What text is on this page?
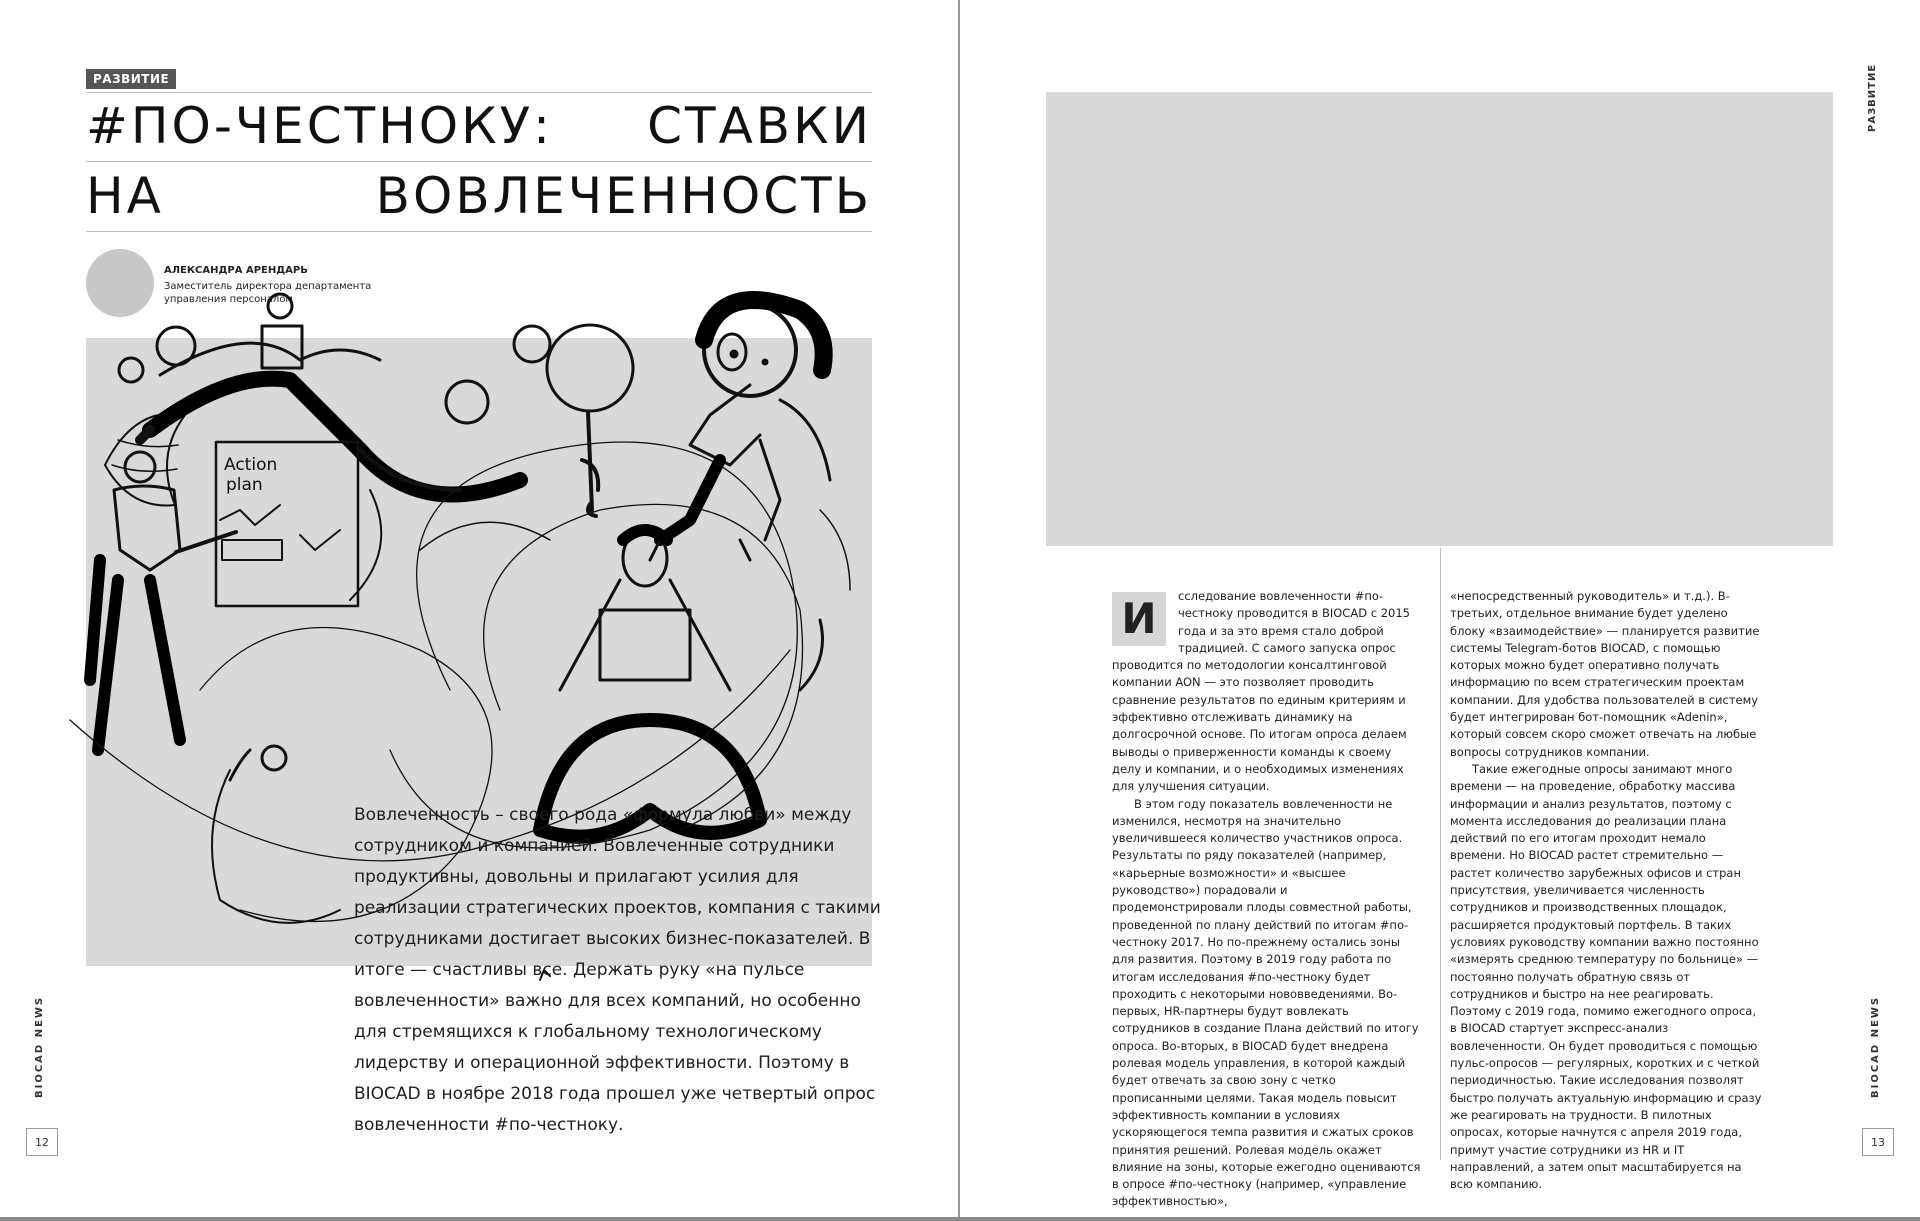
РАЗВИТИЕ
#ПО-ЧЕСТНОКУ: СТАВКИ
НА	ВОВЛЕЧЕННОСТЬ
АЛЕКСАНДРА АРЕНДАРЬ
Заместитель директора департамента
управления персоналом
Action
plan
Вовлеченность – своего рода «формула любви» между сотрудником и компанией. Вовлеченные сотрудники продуктивны, довольны и прилагают усилия для реализации стратегических проектов, компания с такими сотрудниками достигает высоких бизнес-показателей. В итоге — счастливы все. Держать руку «на пульсе вовлеченности» важно для всех компаний, но особенно для стремящихся к глобальному технологическому лидерству и операционной эффективности. Поэтому в BIOCAD в ноябре 2018 года прошел уже четвертый опрос вовлеченности #по-честноку.
BIOCAD NEWS
12
РАЗВИТИЕ
И	сследование вовлеченности #по-честноку проводится в BIOCAD с 2015 года и за это время стало доброй традицией. С самого запуска опрос проводится по методологии консалтинговой компании AON — это позволяет проводить сравнение результатов по единым критериям и эффективно отслеживать динамику на долгосрочной основе. По итогам опроса делаем выводы о приверженности команды к своему делу и компании, и о необходимых изменениях для улучшения ситуации.

В этом году показатель вовлеченности не изменился, несмотря на значительно увеличившееся количество участников опроса. Результаты по ряду показателей (например, «карьерные возможности» и «высшее руководство») порадовали и продемонстрировали плоды совместной работы, проведенной по плану действий по итогам #по-честноку 2017. Но по-прежнему остались зоны для развития. Поэтому в 2019 году работа по итогам исследования #по-честноку будет проходить с некоторыми нововведениями. Во-первых, HR-партнеры будут вовлекать сотрудников в создание Плана действий по итогу опроса. Во-вторых, в BIOCAD будет внедрена ролевая модель управления, в которой каждый будет отвечать за свою зону с четко прописанными целями. Такая модель повысит эффективность компании в условиях ускоряющегося темпа развития и сжатых сроков принятия решений. Ролевая модель окажет влияние на зоны, которые ежегодно оцениваются в опросе #по-честноку (например, «управление эффективностью»,

«непосредственный руководитель» и т.д.). В-третьих, отдельное внимание будет уделено блоку «взаимодействие» — планируется развитие системы Telegram-ботов BIOCAD, с помощью которых можно будет оперативно получать информацию по всем стратегическим проектам компании. Для удобства пользователей в систему будет интегрирован бот-помощник «Adenin», который совсем скоро сможет отвечать на любые вопросы сотрудников компании.

Такие ежегодные опросы занимают много времени — на проведение, обработку массива информации и анализ результатов, поэтому с момента исследования до реализации плана действий по его итогам проходит немало времени. Но BIOCAD растет стремительно — растет количество зарубежных офисов и стран присутствия, увеличивается численность сотрудников и производственных площадок, расширяется продуктовый портфель. В таких условиях руководству компании важно постоянно «измерять среднюю температуру по больнице» — постоянно получать обратную связь от сотрудников и быстро на нее реагировать. Поэтому с 2019 года, помимо ежегодного опроса, в BIOCAD стартует экспресс-анализ вовлеченности. Он будет проводиться с помощью пульс-опросов — регулярных, коротких и с четкой периодичностью. Такие исследования позволят быстро получать актуальную информацию и сразу же реагировать на трудности. В пилотных опросах, которые начнутся с апреля 2019 года, примут участие сотрудники из HR и IT направлений, а затем опыт масштабируется на всю компанию.

BIOCAD NEWS
13
